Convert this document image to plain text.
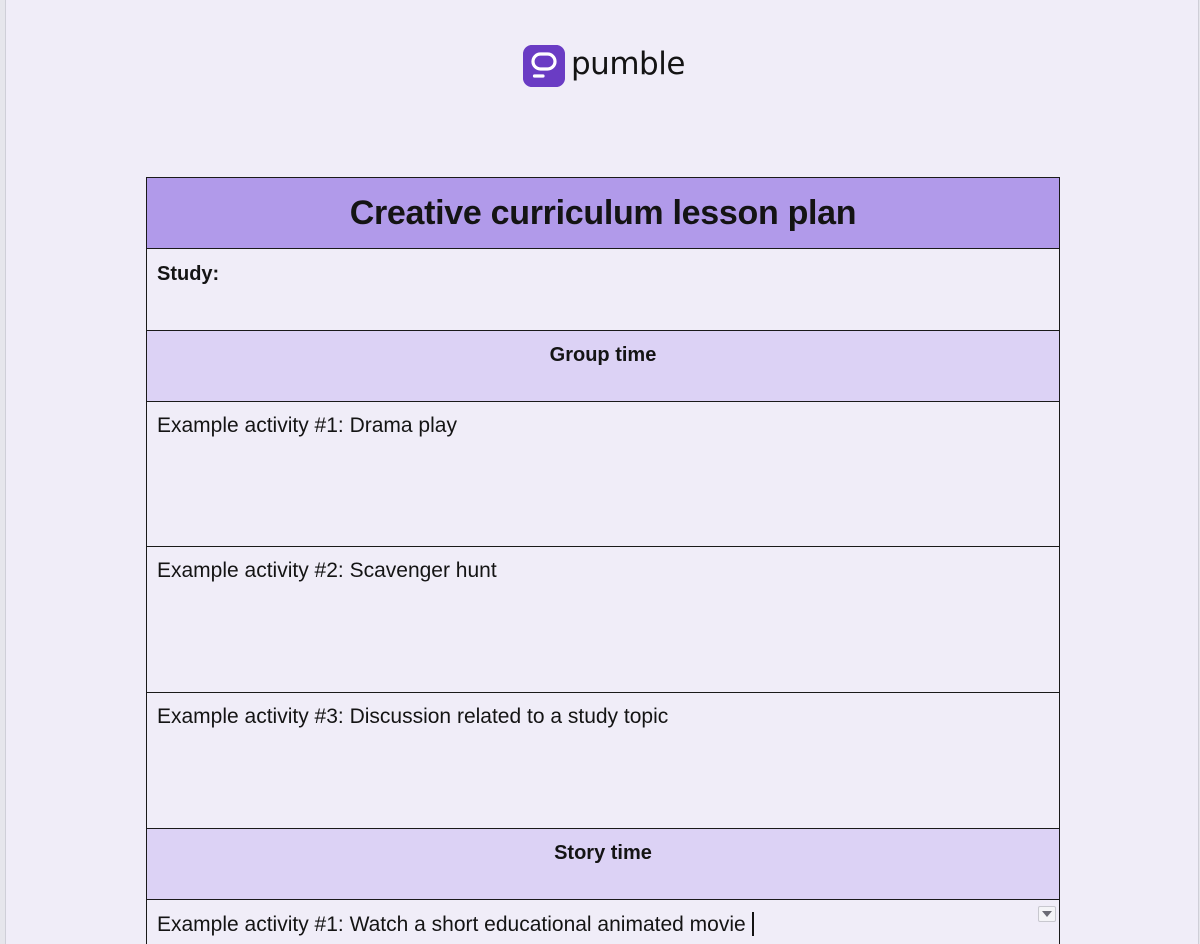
pumble
Creative curriculum lesson plan
Study:
Group time
Example activity #1: Drama play
Example activity #2: Scavenger hunt
Example activity #3: Discussion related to a study topic
Story time
Example activity #1: Watch a short educational animated movie
